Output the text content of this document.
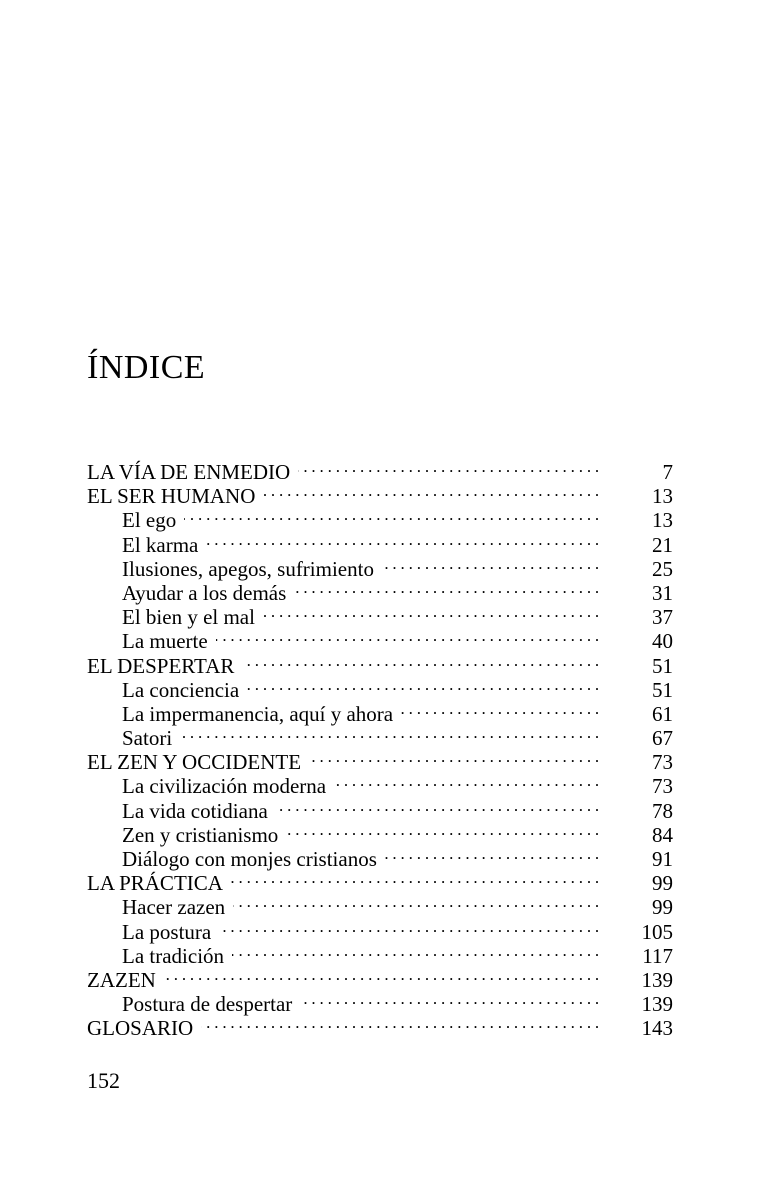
ÍNDICE
LA VÍA DE ENMEDIO . . .	7
EL SER HUMANO . . .	13
El ego . . .	13
El karma . . .	21
Ilusiones, apegos, sufrimiento . . .	25
Ayudar a los demás . . .	31
El bien y el mal . . .	37
La muerte . . .	40
EL DESPERTAR . . .	51
La conciencia . . .	51
La impermanencia, aquí y ahora . . .	61
Satori . . .	67
EL ZEN Y OCCIDENTE . . .	73
La civilización moderna . . .	73
La vida cotidiana . . .	78
Zen y cristianismo . . .	84
Diálogo con monjes cristianos . . .	91
LA PRÁCTICA . . .	99
Hacer zazen . . .	99
La postura . . .	105
La tradición . . .	117
ZAZEN . . .	139
Postura de despertar . . .	139
GLOSARIO . . .	143
152
